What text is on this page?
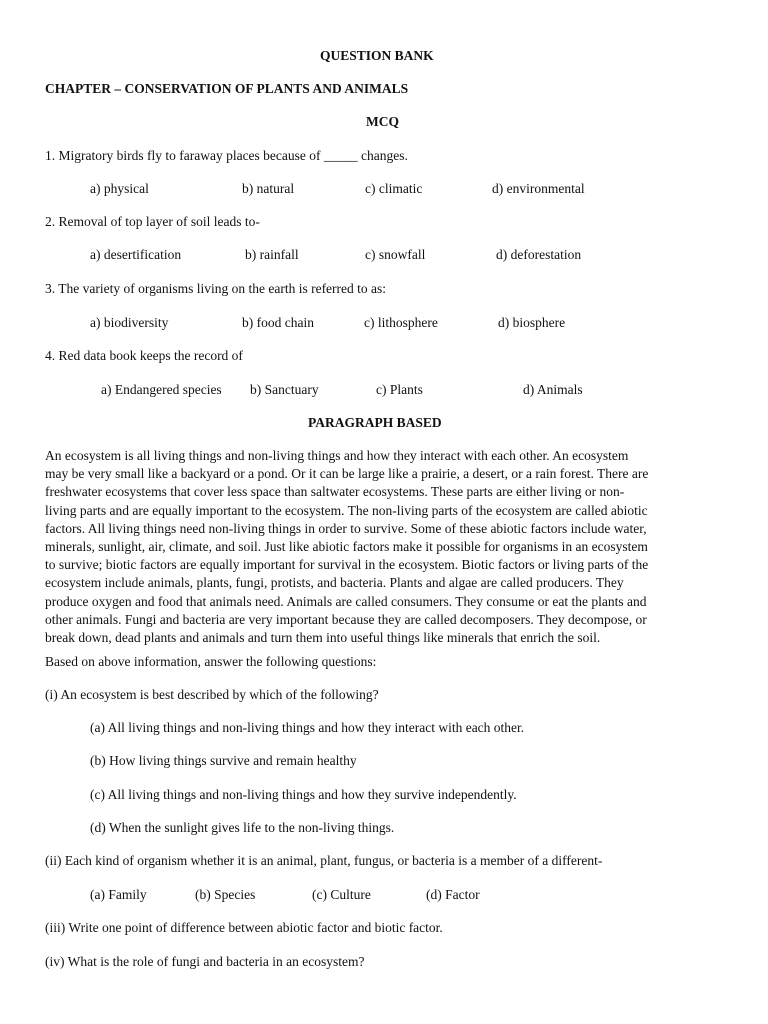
QUESTION BANK
CHAPTER – CONSERVATION OF PLANTS AND ANIMALS
MCQ
1. Migratory birds fly to faraway places because of _____ changes.
a) physical	b) natural	c) climatic	d) environmental
2. Removal of top layer of soil leads to-
a) desertification	b) rainfall	c) snowfall	d) deforestation
3. The variety of organisms living on the earth is referred to as:
a) biodiversity	b) food chain	c) lithosphere	d) biosphere
4. Red data book keeps the record of
a) Endangered species b) Sanctuary	c) Plants	d) Animals
PARAGRAPH BASED
An ecosystem is all living things and non-living things and how they interact with each other. An ecosystem
may be very small like a backyard or a pond. Or it can be large like a prairie, a desert, or a rain forest. There are
freshwater ecosystems that cover less space than saltwater ecosystems. These parts are either living or non-
living parts and are equally important to the ecosystem. The non-living parts of the ecosystem are called abiotic
factors. All living things need non-living things in order to survive. Some of these abiotic factors include water,
minerals, sunlight, air, climate, and soil. Just like abiotic factors make it possible for organisms in an ecosystem
to survive; biotic factors are equally important for survival in the ecosystem. Biotic factors or living parts of the
ecosystem include animals, plants, fungi, protists, and bacteria. Plants and algae are called producers. They
produce oxygen and food that animals need. Animals are called consumers. They consume or eat the plants and
other animals. Fungi and bacteria are very important because they are called decomposers. They decompose, or
break down, dead plants and animals and turn them into useful things like minerals that enrich the soil.
Based on above information, answer the following questions:
(i) An ecosystem is best described by which of the following?
(a) All living things and non-living things and how they interact with each other.
(b) How living things survive and remain healthy
(c) All living things and non-living things and how they survive independently.
(d) When the sunlight gives life to the non-living things.
(ii) Each kind of organism whether it is an animal, plant, fungus, or bacteria is a member of a different-
(a) Family	(b) Species	(c) Culture	(d) Factor
(iii) Write one point of difference between abiotic factor and biotic factor.
(iv) What is the role of fungi and bacteria in an ecosystem?
